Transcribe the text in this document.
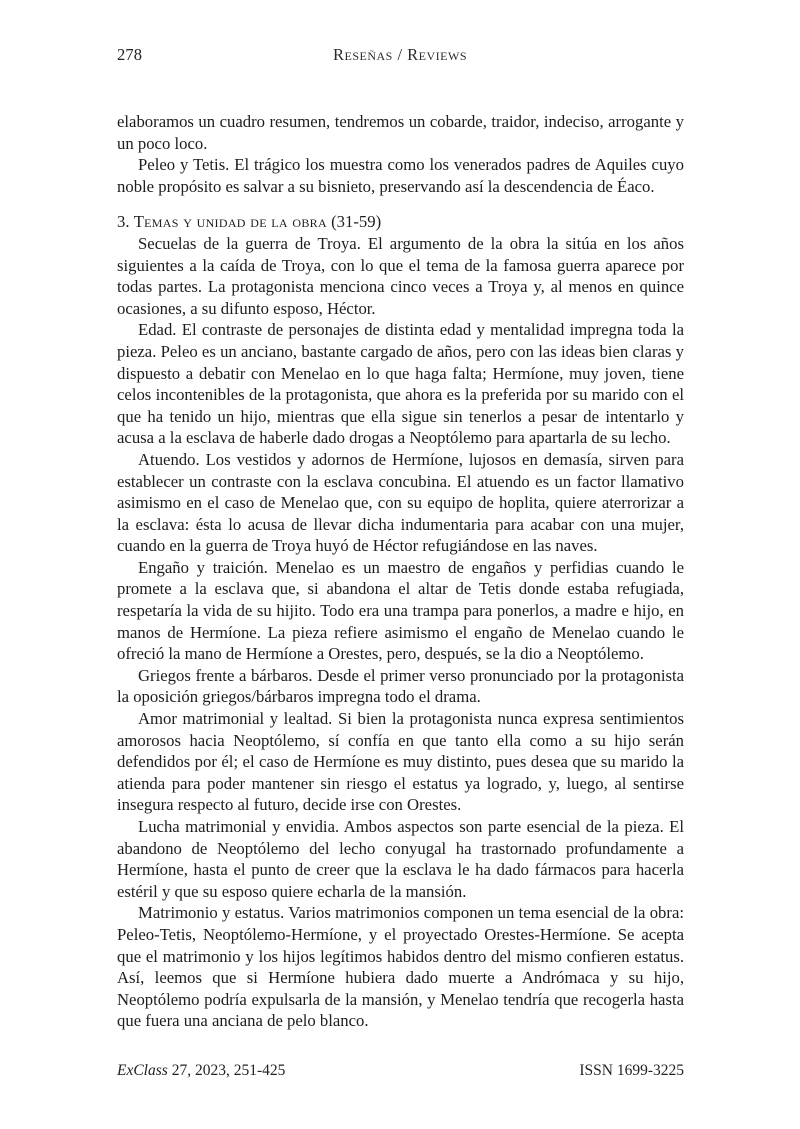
278	Reseñas / Reviews

elaboramos un cuadro resumen, tendremos un cobarde, traidor, indeciso, arrogante y un poco loco.

Peleo y Tetis. El trágico los muestra como los venerados padres de Aquiles cuyo noble propósito es salvar a su bisnieto, preservando así la descendencia de Éaco.

3. Temas y unidad de la obra (31-59)

Secuelas de la guerra de Troya. El argumento de la obra la sitúa en los años siguientes a la caída de Troya, con lo que el tema de la famosa guerra aparece por todas partes. La protagonista menciona cinco veces a Troya y, al menos en quince ocasiones, a su difunto esposo, Héctor.

Edad. El contraste de personajes de distinta edad y mentalidad impregna toda la pieza. Peleo es un anciano, bastante cargado de años, pero con las ideas bien claras y dispuesto a debatir con Menelao en lo que haga falta; Hermíone, muy joven, tiene celos incontenibles de la protagonista, que ahora es la preferida por su marido con el que ha tenido un hijo, mientras que ella sigue sin tenerlos a pesar de intentarlo y acusa a la esclava de haberle dado drogas a Neoptólemo para apartarla de su lecho.

Atuendo. Los vestidos y adornos de Hermíone, lujosos en demasía, sirven para establecer un contraste con la esclava concubina. El atuendo es un factor llamativo asimismo en el caso de Menelao que, con su equipo de hoplita, quiere aterrorizar a la esclava: ésta lo acusa de llevar dicha indumentaria para acabar con una mujer, cuando en la guerra de Troya huyó de Héctor refugiándose en las naves.

Engaño y traición. Menelao es un maestro de engaños y perfidias cuando le promete a la esclava que, si abandona el altar de Tetis donde estaba refugiada, respetaría la vida de su hijito. Todo era una trampa para ponerlos, a madre e hijo, en manos de Hermíone. La pieza refiere asimismo el engaño de Menelao cuando le ofreció la mano de Hermíone a Orestes, pero, después, se la dio a Neoptólemo.

Griegos frente a bárbaros. Desde el primer verso pronunciado por la protagonista la oposición griegos/bárbaros impregna todo el drama.

Amor matrimonial y lealtad. Si bien la protagonista nunca expresa sentimientos amorosos hacia Neoptólemo, sí confía en que tanto ella como a su hijo serán defendidos por él; el caso de Hermíone es muy distinto, pues desea que su marido la atienda para poder mantener sin riesgo el estatus ya logrado, y, luego, al sentirse insegura respecto al futuro, decide irse con Orestes.

Lucha matrimonial y envidia. Ambos aspectos son parte esencial de la pieza. El abandono de Neoptólemo del lecho conyugal ha trastornado profundamente a Hermíone, hasta el punto de creer que la esclava le ha dado fármacos para hacerla estéril y que su esposo quiere echarla de la mansión.

Matrimonio y estatus. Varios matrimonios componen un tema esencial de la obra: Peleo-Tetis, Neoptólemo-Hermíone, y el proyectado Orestes-Hermíone. Se acepta que el matrimonio y los hijos legítimos habidos dentro del mismo confieren estatus. Así, leemos que si Hermíone hubiera dado muerte a Andrómaca y su hijo, Neoptólemo podría expulsarla de la mansión, y Menelao tendría que recogerla hasta que fuera una anciana de pelo blanco.

ExClass 27, 2023, 251-425	ISSN 1699-3225
